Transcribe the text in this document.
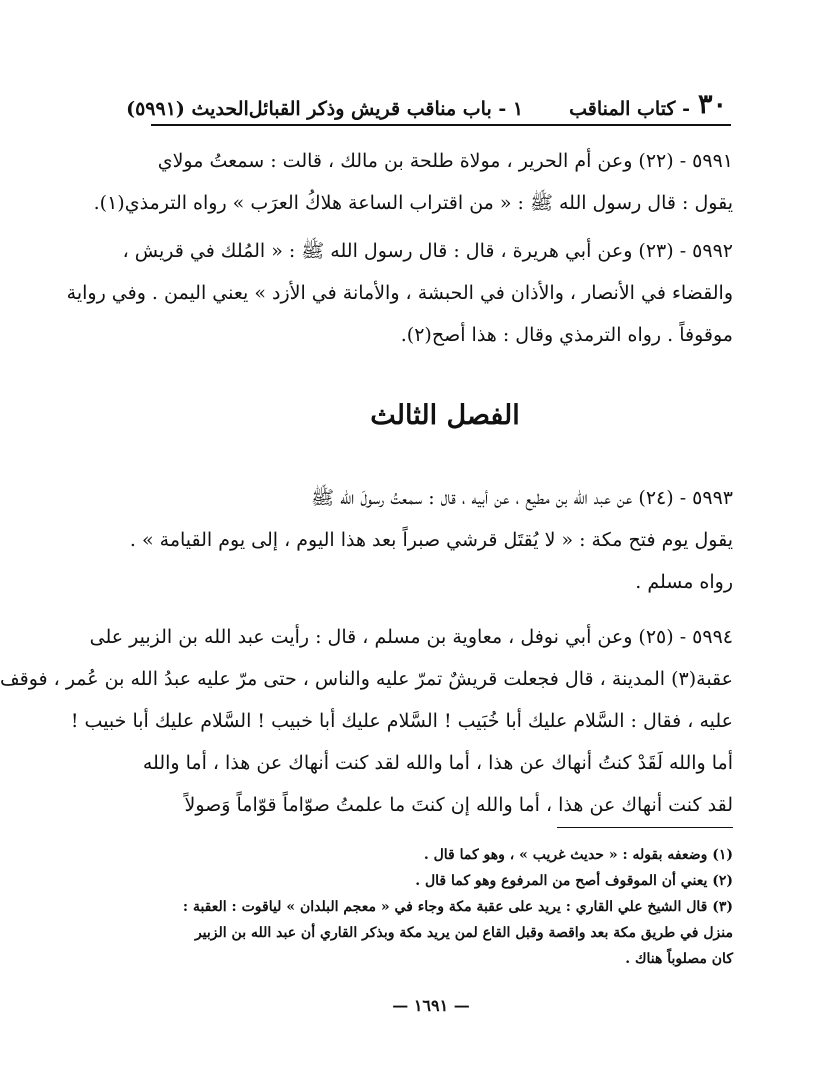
٣٠
- كتاب المناقب
١ - باب مناقب قريش وذكر القبائل
الحديث (٥٩٩١)
٥٩٩١ - (٢٢) وعن أم الحرير ، مولاة طلحة بن مالك ، قالت : سمعتُ مولاي
يقول : قال رسول الله ﷺ : « من اقتراب الساعة هلاكُ العرَب » رواه الترمذي(١).
٥٩٩٢ - (٢٣) وعن أبي هريرة ، قال : قال رسول الله ﷺ : « المُلك في قريش ،
والقضاء في الأنصار ، والأذان في الحبشة ، والأمانة في الأزد » يعني اليمن . وفي رواية
موقوفاً . رواه الترمذي وقال : هذا أصح(٢).
الفصل الثالث
٥٩٩٣ - (٢٤) عن عبد الله بن مطيع ، عن أبيه ، قال : سمعتُ رسولَ الله ﷺ
يقول يوم فتح مكة : « لا يُقتَل قرشي صبراً بعد هذا اليوم ، إلى يوم القيامة » .
رواه مسلم .
٥٩٩٤ - (٢٥) وعن أبي نوفل ، معاوية بن مسلم ، قال : رأيت عبد الله بن الزبير على
عقبة(٣) المدينة ، قال فجعلت قريشٌ تمرّ عليه والناس ، حتى مرّ عليه عبدُ الله بن عُمر ، فوقف
عليه ، فقال : السَّلام عليك أبا خُبَيب ! السَّلام عليك أبا خبيب ! السَّلام عليك أبا خبيب !
أما والله لَقَدْ كنتُ أنهاك عن هذا ، أما والله لقد كنت أنهاك عن هذا ، أما والله
لقد كنت أنهاك عن هذا ، أما والله إن كنتَ ما علمتُ صوّاماً قوّاماً وَصولاً
(١) وضعفه بقوله : « حديث غريب » ، وهو كما قال .
(٢) يعني أن الموقوف أصح من المرفوع وهو كما قال .
(٣) قال الشيخ علي القاري : يريد على عقبة مكة وجاء في « معجم البلدان » لياقوت : العقبة :
منزل في طريق مكة بعد واقصة وقبل القاع لمن يريد مكة وبذكر القاري أن عبد الله بن الزبير
كان مصلوباً هناك .
— ١٦٩١ —
